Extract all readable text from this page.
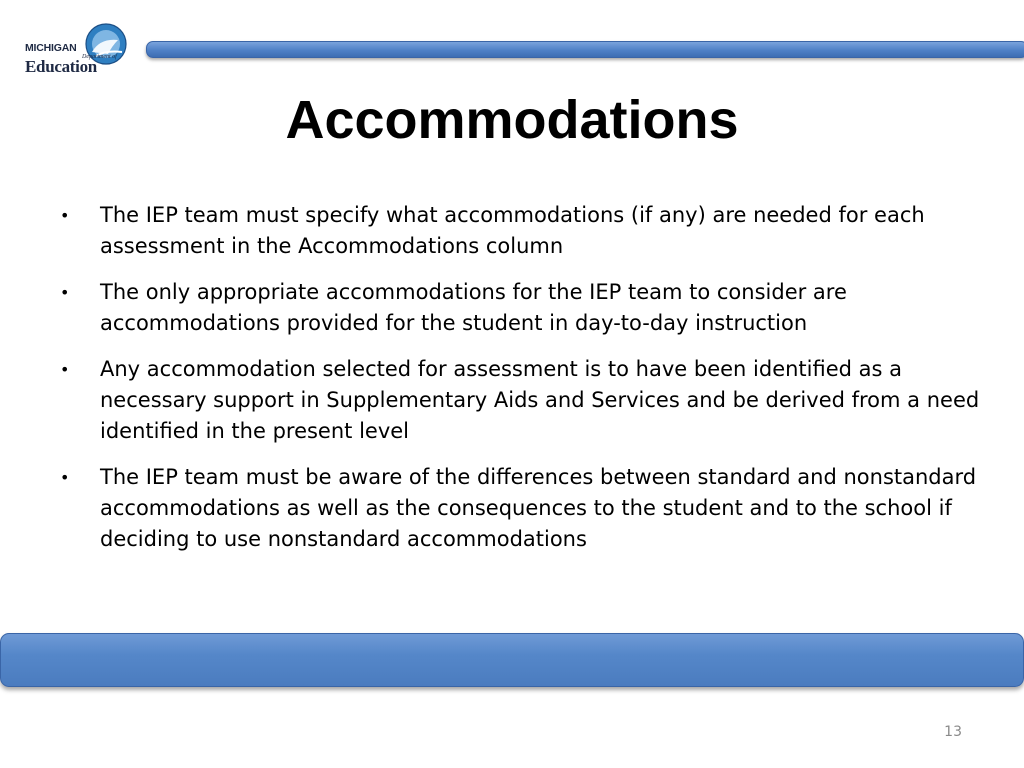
MICHIGAN
Department of
Education
Accommodations
• The IEP team must specify what accommodations (if any) are needed for each assessment in the Accommodations column
• The only appropriate accommodations for the IEP team to consider are accommodations provided for the student in day-to-day instruction
• Any accommodation selected for assessment is to have been identified as a necessary support in Supplementary Aids and Services and be derived from a need identified in the present level
• The IEP team must be aware of the differences between standard and nonstandard accommodations as well as the consequences to the student and to the school if deciding to use nonstandard accommodations
13
